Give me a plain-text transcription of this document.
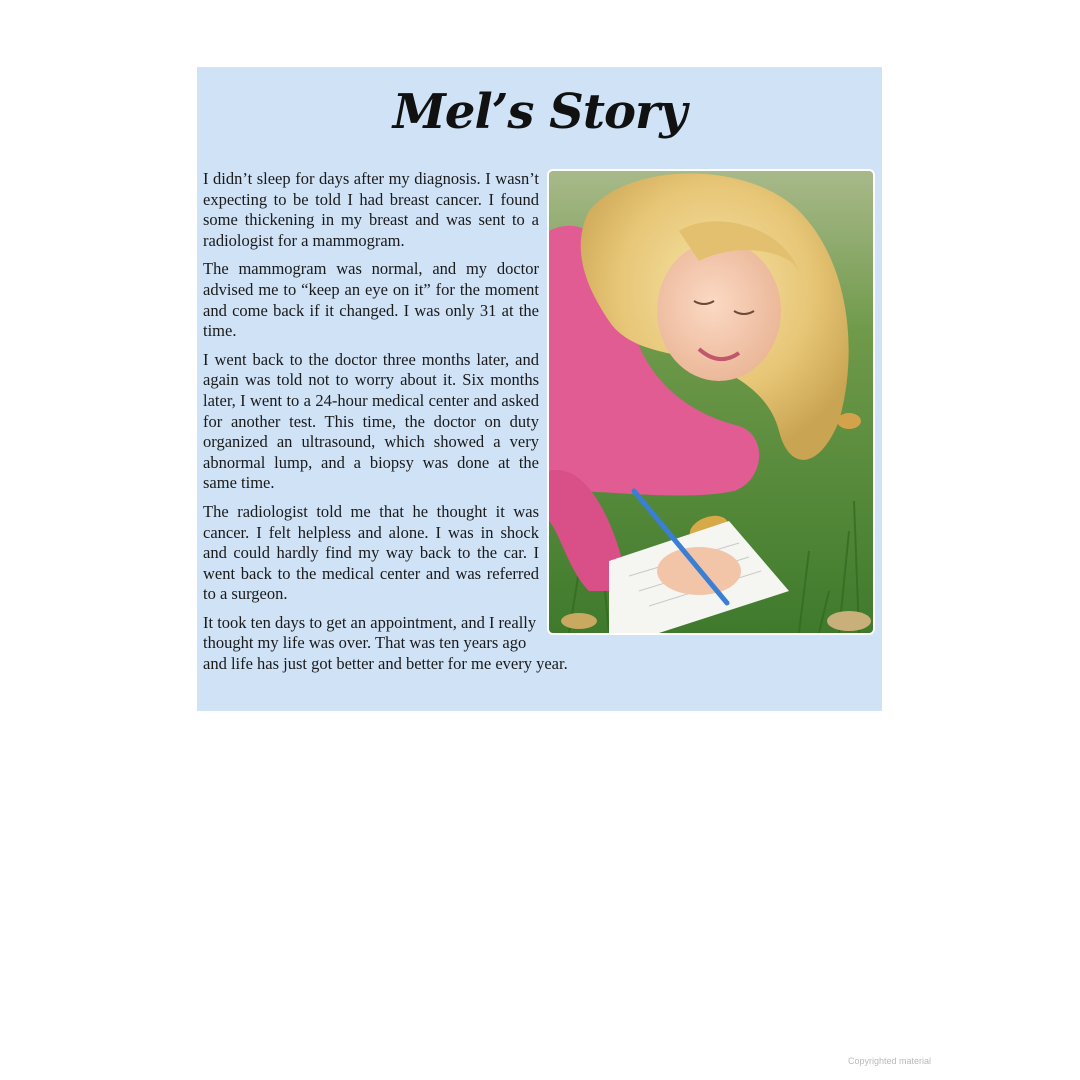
Mel’s Story

I didn’t sleep for days after my diagnosis. I wasn’t expecting to be told I had breast cancer. I found some thickening in my breast and was sent to a radiologist for a mammogram.

The mammogram was normal, and my doctor advised me to “keep an eye on it” for the moment and come back if it changed. I was only 31 at the time.

I went back to the doctor three months later, and again was told not to worry about it. Six months later, I went to a 24-hour medical center and asked for another test. This time, the doctor on duty organized an ultrasound, which showed a very abnormal lump, and a biopsy was done at the same time.

The radiologist told me that he thought it was cancer. I felt helpless and alone. I was in shock and could hardly find my way back to the car. I went back to the medical center and was referred to a surgeon.

It took ten days to get an appointment, and I really thought my life was over. That was ten years ago and life has just got better and better for me every year.

Copyrighted material
